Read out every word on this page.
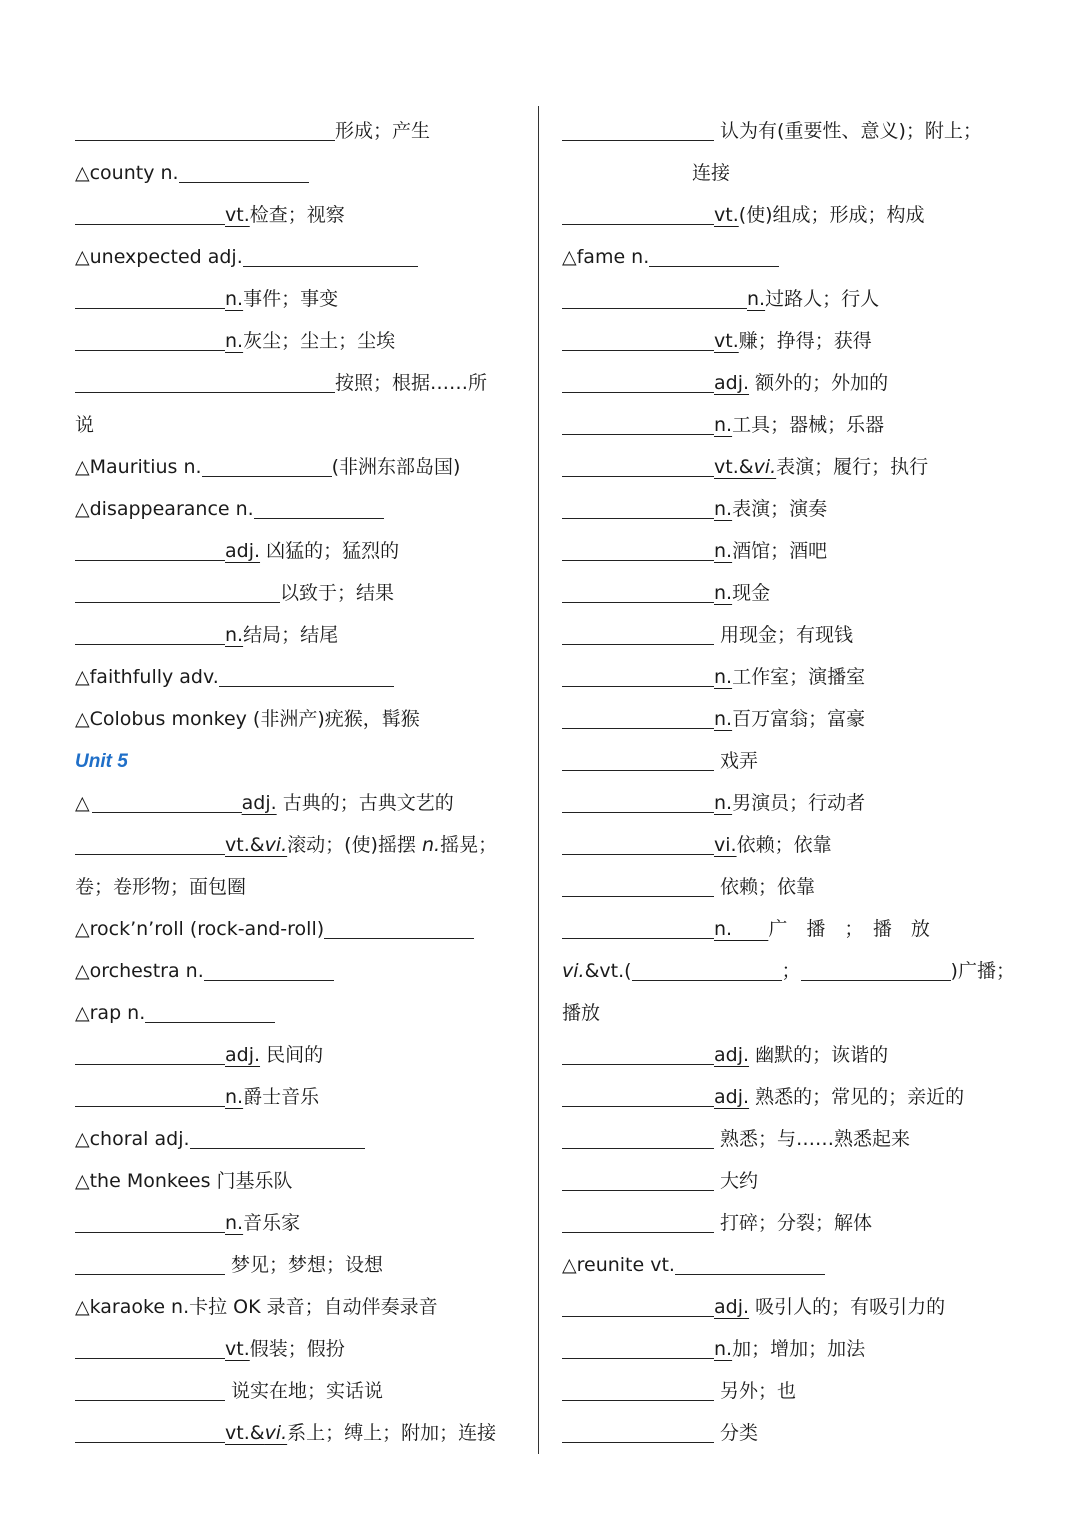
形成；产生
△county n.
vt.检查；视察
△unexpected adj.
n.事件；事变
n.灰尘；尘土；尘埃
按照；根据……所
说
△Mauritius n.	(非洲东部岛国)
△disappearance n.
adj. 凶猛的；猛烈的
以致于；结果
n.结局；结尾
△faithfully adv.
△Colobus monkey (非洲产)疣猴，髯猴
Unit 5
△	adj. 古典的；古典文艺的
vt.&vi.滚动；(使)摇摆 n.摇晃；
卷；卷形物；面包圈
△rock’n’roll (rock-and-roll)
△orchestra n.
△rap n.
adj. 民间的
n.爵士音乐
△choral adj.
△the Monkees 门基乐队
n.音乐家
梦见；梦想；设想
△karaoke n.卡拉 OK 录音；自动伴奏录音
vt.假装；假扮
说实在地；实话说
vt.&vi.系上；缚上；附加；连接
认为有(重要性、意义)；附上；
连接
vt.(使)组成；形成；构成
△fame n.
n.过路人；行人
vt.赚；挣得；获得
adj. 额外的；外加的
n.工具；器械；乐器
vt.&vi.表演；履行；执行
n.表演；演奏
n.酒馆；酒吧
n.现金
用现金；有现钱
n.工作室；演播室
n.百万富翁；富豪
戏弄
n.男演员；行动者
vi.依赖；依靠
依赖；依靠
n.      广　播　；　播　放
vi.&vt.(	；	)广播；
播放
adj. 幽默的；诙谐的
adj. 熟悉的；常见的；亲近的
熟悉；与……熟悉起来
大约
打碎；分裂；解体
△reunite vt.
adj. 吸引人的；有吸引力的
n.加；增加；加法
另外；也
分类
